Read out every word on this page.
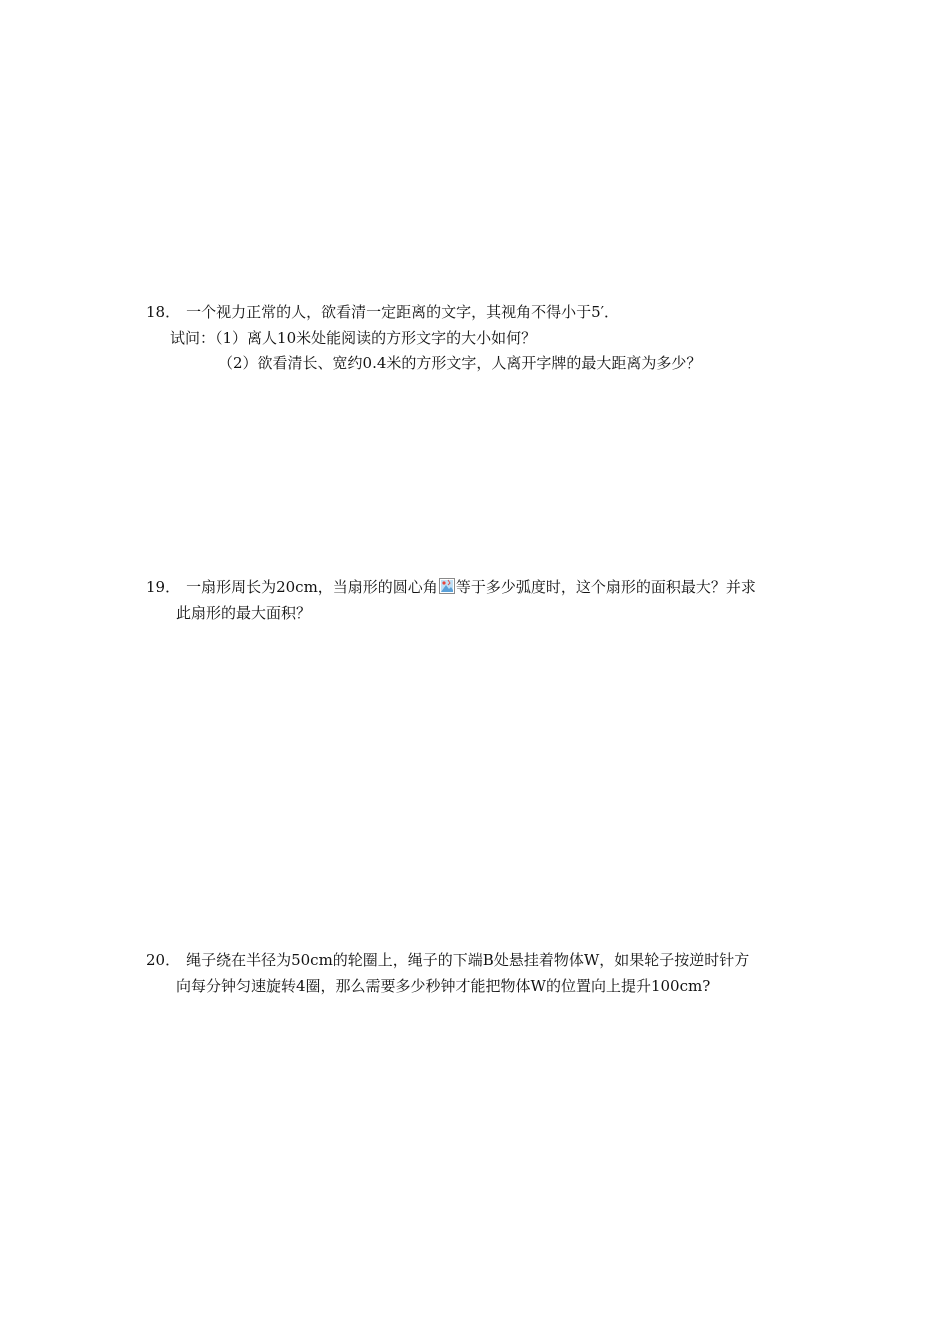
18． 一个视力正常的人，欲看清一定距离的文字，其视角不得小于5′．
试问：（1）离人10米处能阅读的方形文字的大小如何？
（2）欲看清长、宽约0.4米的方形文字，人离开字牌的最大距离为多少？
19． 一扇形周长为20cm，当扇形的圆心角 等于多少弧度时，这个扇形的面积最大？并求
此扇形的最大面积？
20． 绳子绕在半径为50cm的轮圈上，绳子的下端B处悬挂着物体W，如果轮子按逆时针方
向每分钟匀速旋转4圈，那么需要多少秒钟才能把物体W的位置向上提升100cm?
